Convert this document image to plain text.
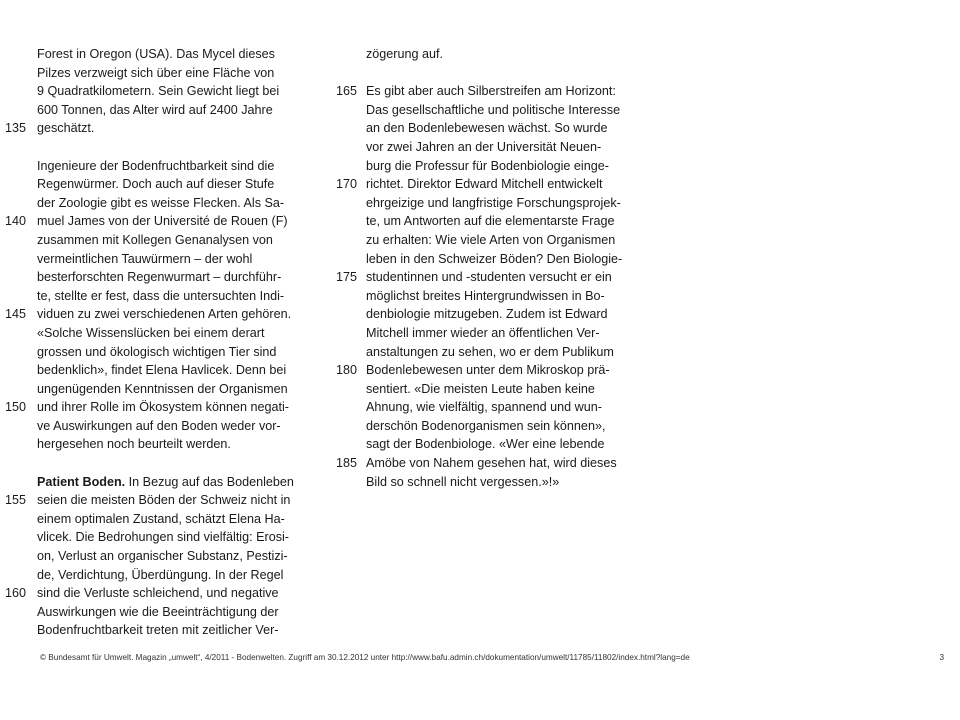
Forest in Oregon (USA). Das Mycel dieses
Pilzes verzweigt sich über eine Fläche von
9 Quadratkilometern. Sein Gewicht liegt bei
600 Tonnen, das Alter wird auf 2400 Jahre
135 geschätzt.
Ingenieure der Bodenfruchtbarkeit sind die
Regenwürmer. Doch auch auf dieser Stufe
der Zoologie gibt es weisse Flecken. Als Sa-
140 muel James von der Université de Rouen (F)
zusammen mit Kollegen Genanalysen von
vermeintlichen Tauwürmern – der wohl
besterforschten Regenwurmart – durchführ-
te, stellte er fest, dass die untersuchten Indi-
145 viduen zu zwei verschiedenen Arten gehören.
«Solche Wissenslücken bei einem derart
grossen und ökologisch wichtigen Tier sind
bedenklich», findet Elena Havlicek. Denn bei
ungenügenden Kenntnissen der Organismen
150 und ihrer Rolle im Ökosystem können negati-
ve Auswirkungen auf den Boden weder vor-
hergesehen noch beurteilt werden.
Patient Boden. In Bezug auf das Bodenleben
155 seien die meisten Böden der Schweiz nicht in
einem optimalen Zustand, schätzt Elena Ha-
vlicek. Die Bedrohungen sind vielfältig: Erosi-
on, Verlust an organischer Substanz, Pestizi-
de, Verdichtung, Überdüngung. In der Regel
160 sind die Verluste schleichend, und negative
Auswirkungen wie die Beeinträchtigung der
Bodenfruchtbarkeit treten mit zeitlicher Ver-
zögerung auf.
165 Es gibt aber auch Silberstreifen am Horizont:
Das gesellschaftliche und politische Interesse
an den Bodenlebewesen wächst. So wurde
vor zwei Jahren an der Universität Neuen-
burg die Professur für Bodenbiologie einge-
170 richtet. Direktor Edward Mitchell entwickelt
ehrgeizige und langfristige Forschungsprojek-
te, um Antworten auf die elementarste Frage
zu erhalten: Wie viele Arten von Organismen
leben in den Schweizer Böden? Den Biologie-
175 studentinnen und -studenten versucht er ein
möglichst breites Hintergrundwissen in Bo-
denbiologie mitzugeben. Zudem ist Edward
Mitchell immer wieder an öffentlichen Ver-
anstaltungen zu sehen, wo er dem Publikum
180 Bodenlebewesen unter dem Mikroskop prä-
sentiert. «Die meisten Leute haben keine
Ahnung, wie vielfältig, spannend und wun-
derschön Bodenorganismen sein können»,
sagt der Bodenbiologe. «Wer eine lebende
185 Amöbe von Nahem gesehen hat, wird dieses
Bild so schnell nicht vergessen.»!»
© Bundesamt für Umwelt. Magazin „umwelt“, 4/2011 - Bodenwelten. Zugriff am 30.12.2012 unter http://www.bafu.admin.ch/dokumentation/umwelt/11785/11802/index.html?lang=de	3
